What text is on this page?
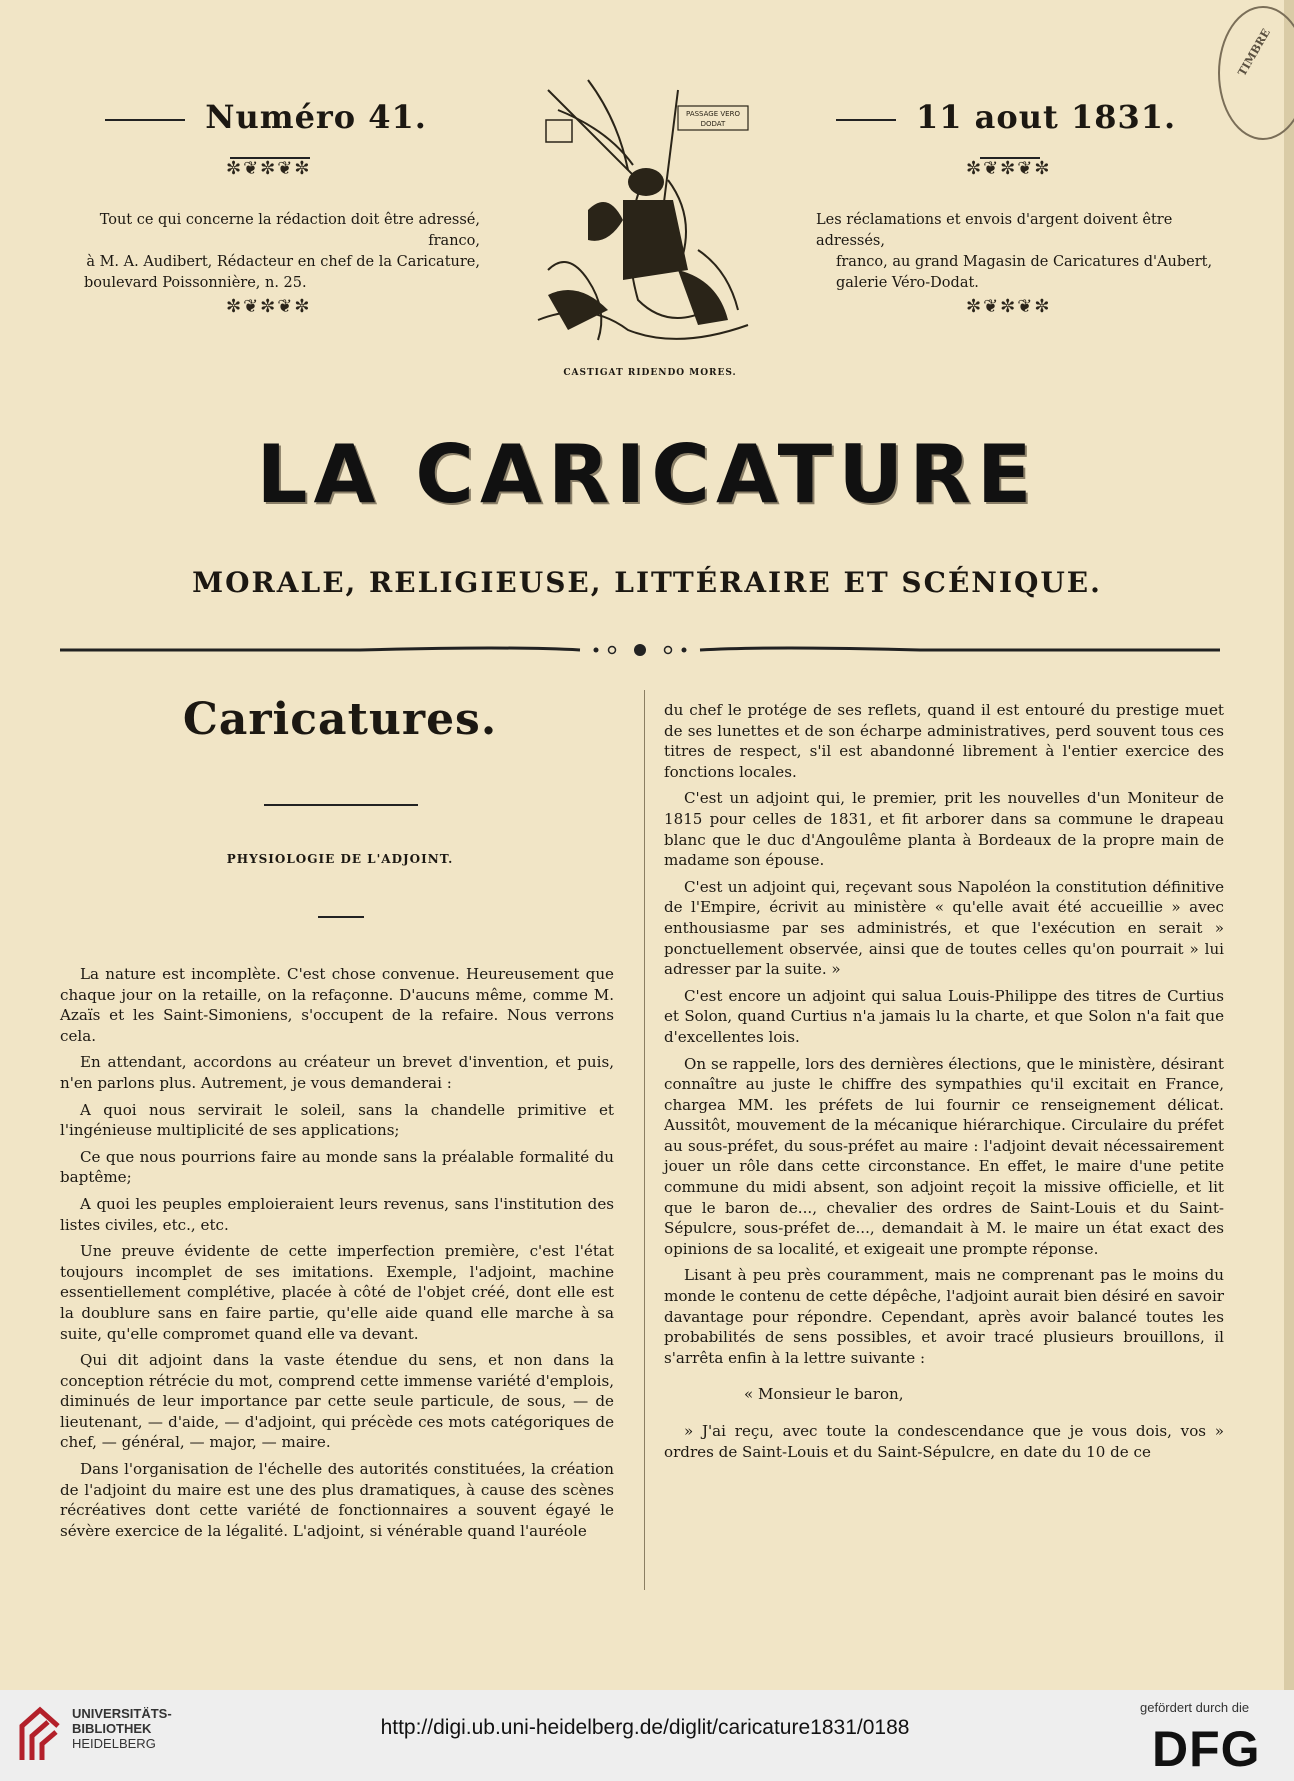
TIMBRE
Numéro 41.	11 aout 1831.
✼❦✼❦✼
✼❦✼❦✼
✼❦✼❦✼
✼❦✼❦✼
Tout ce qui concerne la rédaction doit être adressé, franco,
à M. A. Audibert, Rédacteur en chef de la Caricature,
boulevard Poissonnière, n. 25.
Les réclamations et envois d'argent doivent être adressés,
franco, au grand Magasin de Caricatures d'Aubert,
galerie Véro-Dodat.
PASSAGE VERO
DODAT
CASTIGAT RIDENDO MORES.
LA CARICATURE
MORALE, RELIGIEUSE, LITTÉRAIRE ET SCÉNIQUE.
Caricatures.
PHYSIOLOGIE DE L'ADJOINT.

La nature est incomplète. C'est chose convenue. Heureusement que chaque jour on la retaille, on la refaçonne. D'aucuns même, comme M. Azaïs et les Saint-Simoniens, s'occupent de la refaire. Nous verrons cela.

En attendant, accordons au créateur un brevet d'invention, et puis, n'en parlons plus. Autrement, je vous demanderai :

A quoi nous servirait le soleil, sans la chandelle primitive et l'ingénieuse multiplicité de ses applications;

Ce que nous pourrions faire au monde sans la préalable formalité du baptême;

A quoi les peuples emploieraient leurs revenus, sans l'institution des listes civiles, etc., etc.

Une preuve évidente de cette imperfection première, c'est l'état toujours incomplet de ses imitations. Exemple, l'adjoint, machine essentiellement complétive, placée à côté de l'objet créé, dont elle est la doublure sans en faire partie, qu'elle aide quand elle marche à sa suite, qu'elle compromet quand elle va devant.

Qui dit adjoint dans la vaste étendue du sens, et non dans la conception rétrécie du mot, comprend cette immense variété d'emplois, diminués de leur importance par cette seule particule, de sous, — de lieutenant, — d'aide, — d'adjoint, qui précède ces mots catégoriques de chef, — général, — major, — maire.

Dans l'organisation de l'échelle des autorités constituées, la création de l'adjoint du maire est une des plus dramatiques, à cause des scènes récréatives dont cette variété de fonctionnaires a souvent égayé le sévère exercice de la légalité. L'adjoint, si vénérable quand l'auréole

du chef le protége de ses reflets, quand il est entouré du prestige muet de ses lunettes et de son écharpe administratives, perd souvent tous ces titres de respect, s'il est abandonné librement à l'entier exercice des fonctions locales.

C'est un adjoint qui, le premier, prit les nouvelles d'un Moniteur de 1815 pour celles de 1831, et fit arborer dans sa commune le drapeau blanc que le duc d'Angoulême planta à Bordeaux de la propre main de madame son épouse.

C'est un adjoint qui, reçevant sous Napoléon la constitution définitive de l'Empire, écrivit au ministère « qu'elle avait été accueillie » avec enthousiasme par ses administrés, et que l'exécution en serait » ponctuellement observée, ainsi que de toutes celles qu'on pourrait » lui adresser par la suite. »

C'est encore un adjoint qui salua Louis-Philippe des titres de Curtius et Solon, quand Curtius n'a jamais lu la charte, et que Solon n'a fait que d'excellentes lois.

On se rappelle, lors des dernières élections, que le ministère, désirant connaître au juste le chiffre des sympathies qu'il excitait en France, chargea MM. les préfets de lui fournir ce renseignement délicat. Aussitôt, mouvement de la mécanique hiérarchique. Circulaire du préfet au sous-préfet, du sous-préfet au maire : l'adjoint devait nécessairement jouer un rôle dans cette circonstance. En effet, le maire d'une petite commune du midi absent, son adjoint reçoit la missive officielle, et lit que le baron de..., chevalier des ordres de Saint-Louis et du Saint-Sépulcre, sous-préfet de..., demandait à M. le maire un état exact des opinions de sa localité, et exigeait une prompte réponse.

Lisant à peu près couramment, mais ne comprenant pas le moins du monde le contenu de cette dépêche, l'adjoint aurait bien désiré en savoir davantage pour répondre. Cependant, après avoir balancé toutes les probabilités de sens possibles, et avoir tracé plusieurs brouillons, il s'arrêta enfin à la lettre suivante :

« Monsieur le baron,

» J'ai reçu, avec toute la condescendance que je vous dois, vos » ordres de Saint-Louis et du Saint-Sépulcre, en date du 10 de ce

UNIVERSITÄTS-
BIBLIOTHEK
HEIDELBERG
http://digi.ub.uni-heidelberg.de/diglit/caricature1831/0188
gefördert durch die
DFG
